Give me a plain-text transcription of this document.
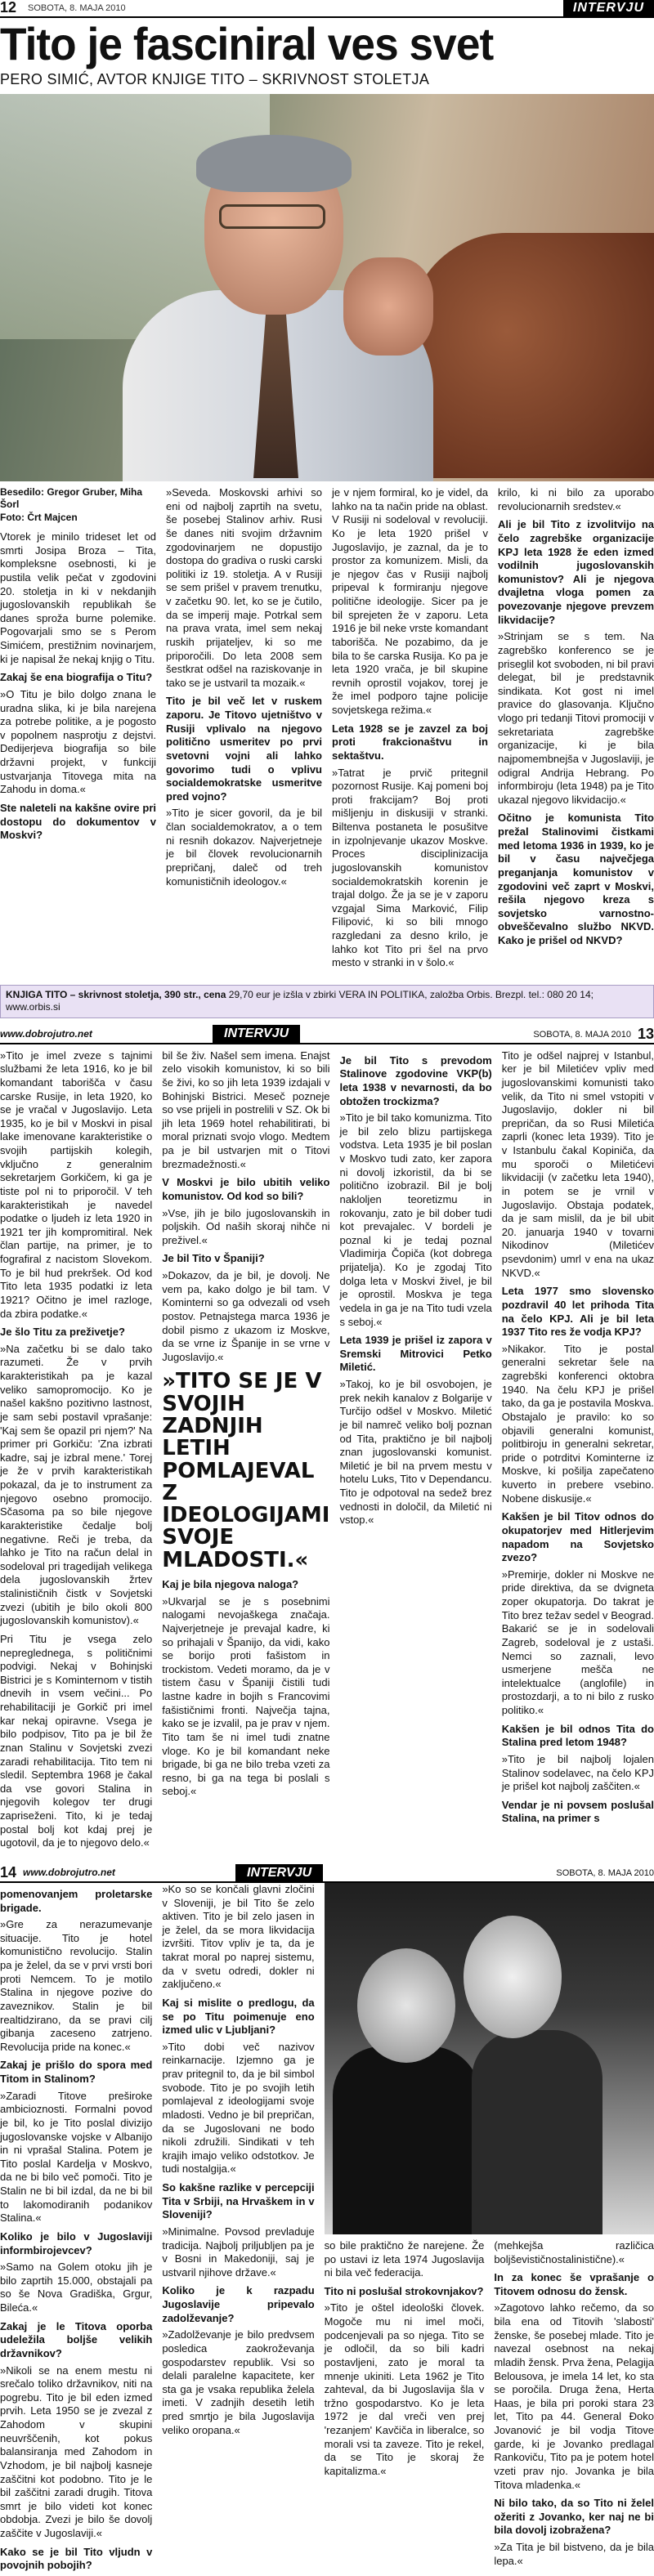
12	SOBOTA, 8. MAJA 2010	INTERVJU
Tito je fasciniral ves svet
PERO SIMIĆ, AVTOR KNJIGE TITO – SKRIVNOST STOLETJA
Besedilo: Gregor Gruber, Miha Šorl
Foto: Črt Majcen

Vtorek je minilo trideset let od smrti Josipa Broza – Tita, kompleksne osebnosti, ki je pustila velik pečat v zgodovini 20. stoletja in ki v nekdanjih jugoslovanskih republikah še danes sproža burne polemike. Pogovarjali smo se s Perom Simićem, prestižnim novinarjem, ki je napisal že nekaj knjig o Titu.

Zakaj še ena biografija o Titu?

»O Titu je bilo dolgo znana le uradna slika, ki je bila narejena za potrebe politike, a je pogosto v popolnem nasprotju z dejstvi. Dedijerjeva biografija so bile državni projekt, v funkciji ustvarjanja Titovega mita na Zahodu in doma.«

Ste naleteli na kakšne ovire pri dostopu do dokumentov v Moskvi?

»Seveda. Moskovski arhivi so eni od najbolj zaprtih na svetu, še posebej Stalinov arhiv. Rusi še danes niti svojim državnim zgodovinarjem ne dopustijo dostopa do gradiva o ruski carski politiki iz 19. stoletja. A v Rusiji se sem prišel v pravem trenutku, v začetku 90. let, ko se je čutilo, da se imperij maje. Potrkal sem na prava vrata, imel sem nekaj ruskih prijateljev, ki so me priporočili. Do leta 2008 sem šestkrat odšel na raziskovanje in tako se je ustvaril ta mozaik.«

Tito je bil več let v ruskem zaporu. Je Titovo ujetništvo v Rusiji vplivalo na njegovo politično usmeritev po prvi svetovni vojni ali lahko govorimo tudi o vplivu socialdemokratske usmeritve pred vojno?

»Tito je sicer govoril, da je bil član socialdemokratov, a o tem ni resnih dokazov. Najverjetneje je bil človek revolucionarnih prepričanj, daleč od treh komunističnih ideologov.«

je v njem formiral, ko je videl, da lahko na ta način pride na oblast. V Rusiji ni sodeloval v revoluciji. Ko je leta 1920 prišel v Jugoslavijo, je zaznal, da je to prostor za komunizem. Misli, da je njegov čas v Rusiji najbolj pripeval k formiranju njegove politične ideologije. Sicer pa je bil sprejeten že v zaporu. Leta 1916 je bil neke vrste komandant taborišča. Ne pozabimo, da je bila to še carska Rusija. Ko pa je leta 1920 vrača, je bil skupine revnih oprostil vojakov, torej je že imel podporo tajne policije sovjetskega režima.«

Leta 1928 se je zavzel za boj proti frakcionaštvu in sektaštvu.

»Tatrat je prvič pritegnil pozornost Rusije. Kaj pomeni boj proti frakcijam? Boj proti mišljenju in diskusiji v stranki. Biltenva postaneta le posušitve in izpolnjevanje ukazov Moskve. Proces disciplinizacija jugoslovanskih komunistov socialdemokratskih korenin je trajal dolgo. Že ja se je v zaporu vzgajal Sima Marković, Filip Filipović, ki so bili mnogo razgledani za desno krilo, je lahko kot Tito pri šel na prvo mesto v stranki in v šolo.«

krilo, ki ni bilo za uporabo revolucionarnih sredstev.«

Ali je bil Tito z izvolitvijo na čelo zagrebške organizacije KPJ leta 1928 že eden izmed vodilnih jugoslovanskih komunistov? Ali je njegova dvajletna vloga pomen za povezovanje njegove prevzem likvidacije?

»Strinjam se s tem. Na zagrebško konferenco se je priseglil kot svoboden, ni bil pravi delegat, bil je predstavnik sindikata. Kot gost ni imel pravice do glasovanja. Ključno vlogo pri tedanji Titovi promociji v sekretariata zagrebške organizacije, ki je bila najpomembnejša v Jugoslaviji, je odigral Andrija Hebrang. Po informbiroju (leta 1948) pa je Tito ukazal njegovo likvidacijo.«

Očitno je komunista Tito prežal Stalinovimi čistkami med letoma 1936 in 1939, ko je bil v času največjega preganjanja komunistov v zgodovini več zaprt v Moskvi, rešila njegovo kreza s sovjetsko varnostno-obveščevalno službo NKVD. Kako je prišel od NKVD?

KNJIGA TITO – skrivnost stoletja, 390 str., cena 29,70 eur je izšla v zbirki VERA IN POLITIKA, založba Orbis. Brezpl. tel.: 080 20 14; www.orbis.si
www.dobrojutro.net	INTERVJU	SOBOTA, 8. MAJA 2010 13

»Tito je imel zveze s tajnimi službami že leta 1916, ko je bil komandant taborišča v času carske Rusije, in leta 1920, ko se je vračal v Jugoslavijo. Leta 1935, ko je bil v Moskvi in pisal lake imenovane karakteristike o svojih partijskih kolegih, vključno z generalnim sekretarjem Gorkičem, ki ga je tiste pol ni to priporočil. V teh karakteristikah je navedel podatke o ljudeh iz leta 1920 in 1921 ter jih kompromitiral. Nek član partije, na primer, je to fografiral z nacistom Slovekom. To je bil hud prekršek. Od kod Tito leta 1935 podatki iz leta 1921? Očitno je imel razloge, da zbira podatke.«

Je šlo Titu za preživetje?

»Na začetku bi se dalo tako razumeti. Že v prvih karakteristikah pa je kazal veliko samopromocijo. Ko je našel kakšno pozitivno lastnost, je sam sebi postavil vprašanje: 'Kaj sem še opazil pri njem?' Na primer pri Gorkiču: 'Zna izbrati kadre, saj je izbral mene.' Torej je že v prvih karakteristikah pokazal, da je to instrument za njegovo osebno promocijo. Sčasoma pa so bile njegove karakteristike čedalje bolj negativne. Reči je treba, da lahko je Tito na račun delal in sodeloval pri tragedijah velikega dela jugoslovanskih žrtev stalinističnih čistk v Sovjetski zvezi (ubitih je bilo okoli 800 jugoslovanskih komunistov).«

Pri Titu je vsega zelo nepreglednega, s političnimi podvigi. Nekaj v Bohinjski Bistrici je s Kominternom v tistih dnevih in vsem večini... Po rehabilitaciji je Gorkič pri imel kar nekaj opiravne. Vsega je bilo podpisov, Tito pa je bil že znan Stalinu v Sovjetski zvezi zaradi rehabilitacija. Tito tem ni sledil. Septembra 1968 je čakal da vse govori Stalina in njegovih kolegov ter drugi zapriseženi. Tito, ki je tedaj postal bolj kot kdaj prej je ugotovil, da je to njegovo delo.«

bil še živ. Našel sem imena. Enajst zelo visokih komunistov, ki so bili še živi, ko so jih leta 1939 izdajali v Bohinjski Bistrici. Meseč pozneje so vse prijeli in postrelili v SZ. Ok bi jih leta 1969 hotel rehabilitirati, bi moral priznati svojo vlogo. Medtem pa je bil ustvarjen mit o Titovi brezmadežnosti.«

V Moskvi je bilo ubitih veliko komunistov. Od kod so bili?

»Vse, jih je bilo jugoslovanskih in poljskih. Od naših skoraj nihče ni preživel.«

Je bil Tito v Španiji?

»Dokazov, da je bil, je dovolj. Ne vem pa, kako dolgo je bil tam. V Kominterni so ga odvezali od vseh postov. Petnajstega marca 1936 je dobil pismo z ukazom iz Moskve, da se vrne iz Španije in se vrne v Jugoslavijo.«

»TITO SE JE V SVOJIH ZADNJIH LETIH POMLAJEVAL Z IDEOLOGIJAMI SVOJE MLADOSTI.«

Kaj je bila njegova naloga?

»Ukvarjal se je s posebnimi nalogami nevojaškega značaja. Najverjetneje je prevajal kadre, ki so prihajali v Španijo, da vidi, kako se borijo proti fašistom in trockistom. Vedeti moramo, da je v tistem času v Španiji čistili tudi lastne kadre in bojih s Francovimi fašističnimi fronti. Največja tajna, kako se je izvalil, pa je prav v njem. Tito tam še ni imel tudi znatne vloge. Ko je bil komandant neke brigade, bi ga ne bilo treba vzeti za resno, bi ga na tega bi poslali s seboj.«

Je bil Tito s prevodom Stalinove zgodovine VKP(b) leta 1938 v nevarnosti, da bo obtožen trockizma?

»Tito je bil tako komunizma. Tito je bil zelo blizu partijskega vodstva. Leta 1935 je bil poslan v Moskvo tudi zato, ker zapora ni dovolj izkoristil, da bi se politično izobrazil. Bil je bolj nakloljen teoretizmu in rokovanju, zato je bil dober tudi kot prevajalec. V bordeli je poznal ki je tedaj poznal Vladimirja Čopiča (kot dobrega prijatelja). Ko je zgodaj Tito dolga leta v Moskvi živel, je bil je oprostil. Moskva je tega vedela in ga je na Tito tudi vzela s seboj.«

Leta 1939 je prišel iz zapora v Sremski Mitrovici Petko Miletić.

»Takoj, ko je bil osvobojen, je prek nekih kanalov z Bolgarije v Turčijo odšel v Moskvo. Miletić je bil namreč veliko bolj poznan od Tita, praktično je bil najbolj znan jugoslovanski komunist. Miletić je bil na prvem mestu v hotelu Luks, Tito v Dependancu. Tito je odpotoval na sedež brez vednosti in določil, da Miletić ni vstop.«

Tito je odšel najprej v Istanbul, ker je bil Miletićev vpliv med jugoslovanskimi komunisti tako velik, da Tito ni smel vstopiti v Jugoslavijo, dokler ni bil prepričan, da so Rusi Miletića zaprli (konec leta 1939). Tito je v Istanbulu čakal Kopiniča, da mu sporoči o Miletićevi likvidaciji (v začetku leta 1940), in potem se je vrnil v Jugoslavijo. Obstaja podatek, da je sam mislil, da je bil ubit 20. januarja 1940 v tovarni Nikodinov (Miletićev psevdonim) umrl v ena na ukaz NKVD.«

Leta 1977 smo slovensko pozdravil 40 let prihoda Tita na čelo KPJ. Ali je bil leta 1937 Tito res že vodja KPJ?

»Nikakor. Tito je postal generalni sekretar šele na zagrebški konferenci oktobra 1940. Na čelu KPJ je prišel tako, da ga je postavila Moskva. Obstajalo je pravilo: ko so objavili generalni komunist, politbiroju in generalni sekretar, pride o potrditvi Kominterne iz Moskve, ki pošilja zapečateno kuverto in prebere vsebino. Nobene diskusije.«

Kakšen je bil Titov odnos do okupatorjev med Hitlerjevim napadom na Sovjetsko zvezo?

»Premirje, dokler ni Moskve ne pride direktiva, da se dvigneta zoper okupatorja. Do takrat je Tito brez težav sedel v Beograd. Bakarić se je in sodelovali Zagreb, sodeloval je z ustaši. Nemci so zaznali, levo usmerjene mešča ne intelektualce (anglofile) in prostozdarji, a to ni bilo z rusko politiko.«

Kakšen je bil odnos Tita do Stalina pred letom 1948?

»Tito je bil najbolj lojalen Stalinov sodelavec, na čelo KPJ je prišel kot najbolj zaščiten.«

Vendar je ni povsem poslušal Stalina, na primer s

14 www.dobrojutro.net	INTERVJU	SOBOTA, 8. MAJA 2010

pomenovanjem proletarske brigade.

»Gre za nerazumevanje situacije. Tito je hotel komunistično revolucijo. Stalin pa je želel, da se v prvi vrsti bori proti Nemcem. To je motilo Stalina in njegove pozive do zaveznikov. Stalin je bil realtidzirano, da se pravi cilj gibanja zaceseno zatrjeno. Revolucija pride na konec.«

Zakaj je prišlo do spora med Titom in Stalinom?

»Zaradi Titove preširoke ambicioznosti. Formalni povod je bil, ko je Tito poslal divizijo jugoslovanske vojske v Albanijo in ni vprašal Stalina. Potem je Tito poslal Kardelja v Moskvo, da ne bi bilo več pomoči. Tito je Stalin ne bi bil izdal, da ne bi bil to lakomodiranih podanikov Stalina.«

Koliko je bilo v Jugoslaviji informbirojevcev?

»Samo na Golem otoku jih je bilo zaprtih 15.000, obstajali pa so še Nova Gradiška, Grgur, Bileća.«

Zakaj je le Titova oporba udeležila boljše velikih državnikov?

»Nikoli se na enem mestu ni srečalo toliko državnikov, niti na pogrebu. Tito je bil eden izmed prvih. Leta 1950 se je zvezal z Zahodom v skupini neuvrščenih, kot pokus balansiranja med Zahodom in Vzhodom, je bil najbolj kasneje zaščitni kot podobno. Tito je le bil zaščitni zaradi drugih. Titova smrt je bilo videti kot konec obdobja. Zvezi je bilo še dovolj zaščite v Jugoslaviji.«

Kako se je bil Tito vljudn v povojnih pobojih?

»Ko so se končali glavni zločini v Sloveniji, je bil Tito še zelo aktiven. Tito je bil zelo jasen in je želel, da se mora likvidacija izvršiti. Titov vpliv je ta, da je takrat moral po naprej sistemu, da v svetu odredi, dokler ni zaključeno.«

Kaj si mislite o predlogu, da se po Titu poimenuje eno izmed ulic v Ljubljani?

»Tito dobi več nazivov reinkarnacije. Izjemno ga je prav pritegnil to, da je bil simbol svobode. Tito je po svojih letih pomlajeval z ideologijami svoje mladosti. Vedno je bil prepričan, da se Jugoslovani ne bodo nikoli združili. Sindikati v teh krajih imajo veliko odstotkov. Je tudi nostalgija.«

So kakšne razlike v percepciji Tita v Srbiji, na Hrvaškem in v Sloveniji?

»Minimalne. Povsod prevladuje tradicija. Najbolj priljubljen pa je v Bosni in Makedoniji, saj je ustvaril njihove države.«

Koliko je k razpadu Jugoslavije pripevalo zadolževanje?

»Zadolževanje je bilo predvsem posledica zaokroževanja gospodarstev republik. Vsi so delali paralelne kapacitete, ker sta ga je vsaka republika želela imeti. V zadnjih desetih letih pred smrtjo je bila Jugoslavija veliko oropana.«

so bile praktično že narejene. Že po ustavi iz leta 1974 Jugoslavija ni bila več federacija.

Tito ni poslušal strokovnjakov?

»Tito je oštel ideološki človek. Mogoče mu ni imel moči, podcenjevali pa so njega. Tito se je odločil, da so bili kadri postavljeni, zato je moral ta mnenje ukiniti. Leta 1962 je Tito zahteval, da bi Jugoslavija šla v tržno gospodarstvo. Ko je leta 1972 je dal vreči ven prej 'rezanjem' Kavčiča in liberalce, so morali vsi ta zaveze. Tito je rekel, da se Tito je skoraj že kapitalizma.«

(mehkejša različica boljševističnostalinistične).«

In za konec še vprašanje o Titovem odnosu do žensk.

»Zagotovo lahko rečemo, da so bila ena od Titovih 'slabosti' ženske, še posebej mlade. Tito je navezal osebnost na nekaj mladih žensk. Prva žena, Pelagija Belousova, je imela 14 let, ko sta se poročila. Druga žena, Herta Haas, je bila pri poroki stara 23 let, Tito pa 44. General Đoko Jovanović je bil vodja Titove garde, ki je Jovanko predlagal Rankoviču, Tito pa je potem hotel vzeti prav njo. Jovanka je bila Titova mladenka.«

Ni bilo tako, da so Tito ni želel ožeriti z Jovanko, ker naj ne bi bila dovolj izobražena?

»Za Tita je bil bistveno, da je bila lepa.«
